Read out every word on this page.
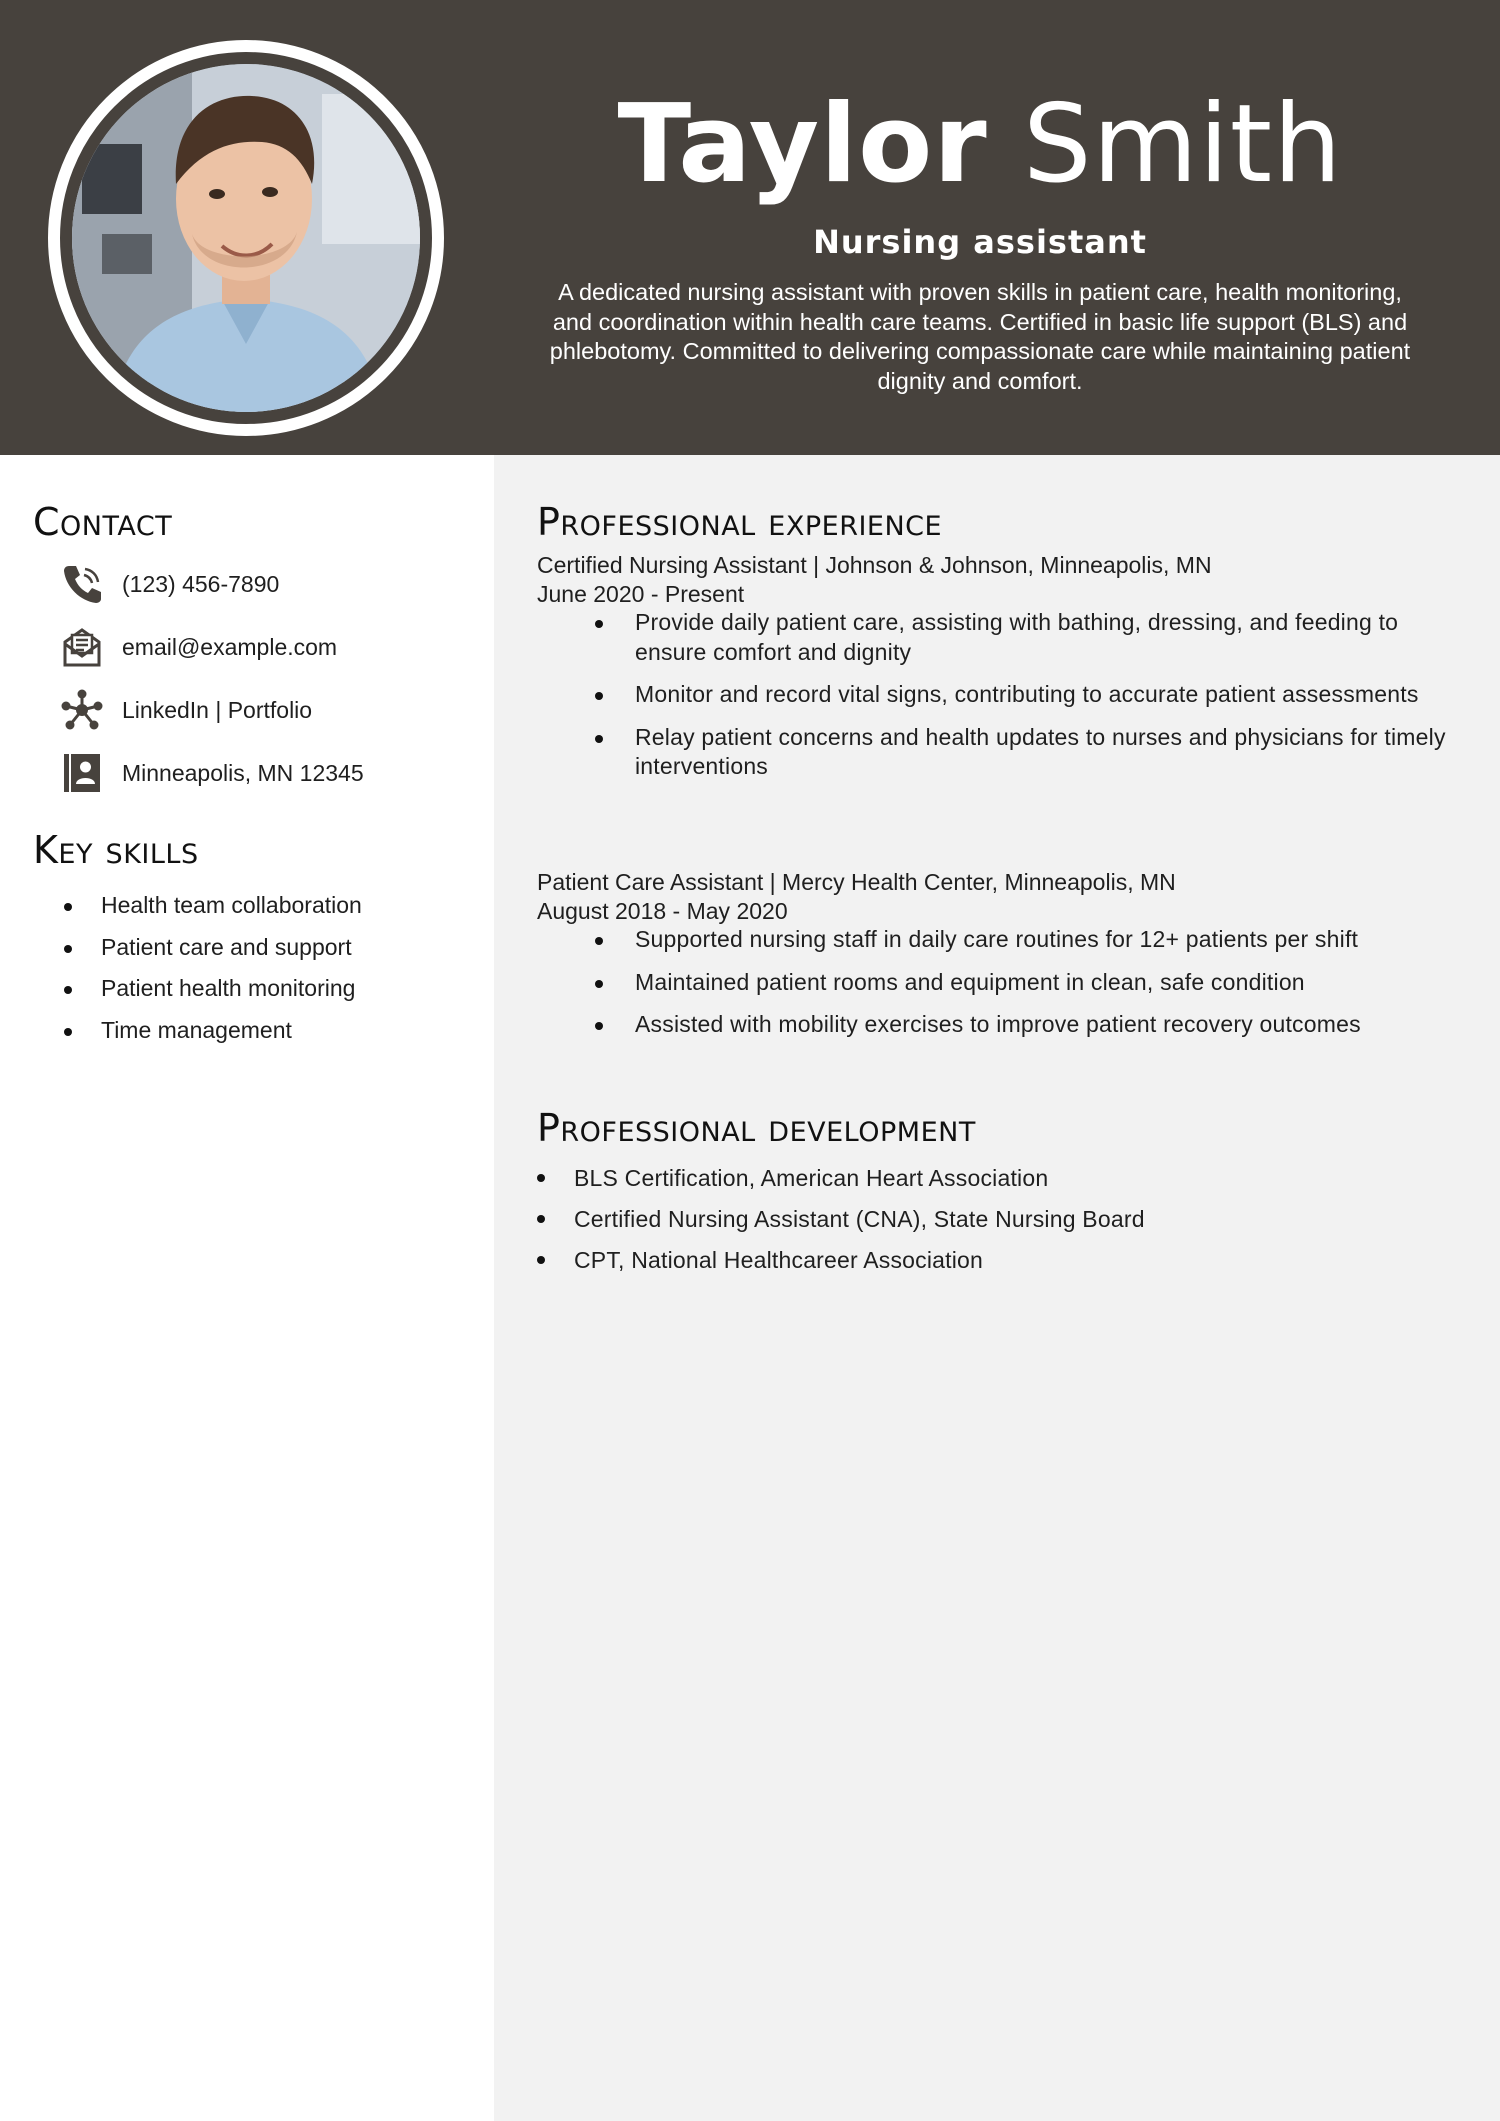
Taylor Smith
Nursing assistant
A dedicated nursing assistant with proven skills in patient care, health monitoring, and coordination within health care teams. Certified in basic life support (BLS) and phlebotomy. Committed to delivering compassionate care while maintaining patient dignity and comfort.
Contact
(123) 456-7890
email@example.com
LinkedIn | Portfolio
Minneapolis, MN 12345
Key skills
Health team collaboration
Patient care and support
Patient health monitoring
Time management
Professional experience
Certified Nursing Assistant | Johnson & Johnson, Minneapolis, MN
June 2020 - Present
Provide daily patient care, assisting with bathing, dressing, and feeding to ensure comfort and dignity
Monitor and record vital signs, contributing to accurate patient assessments
Relay patient concerns and health updates to nurses and physicians for timely interventions
Patient Care Assistant | Mercy Health Center, Minneapolis, MN
August 2018 - May 2020
Supported nursing staff in daily care routines for 12+ patients per shift
Maintained patient rooms and equipment in clean, safe condition
Assisted with mobility exercises to improve patient recovery outcomes
Professional development
BLS Certification, American Heart Association
Certified Nursing Assistant (CNA), State Nursing Board
CPT, National Healthcareer Association
